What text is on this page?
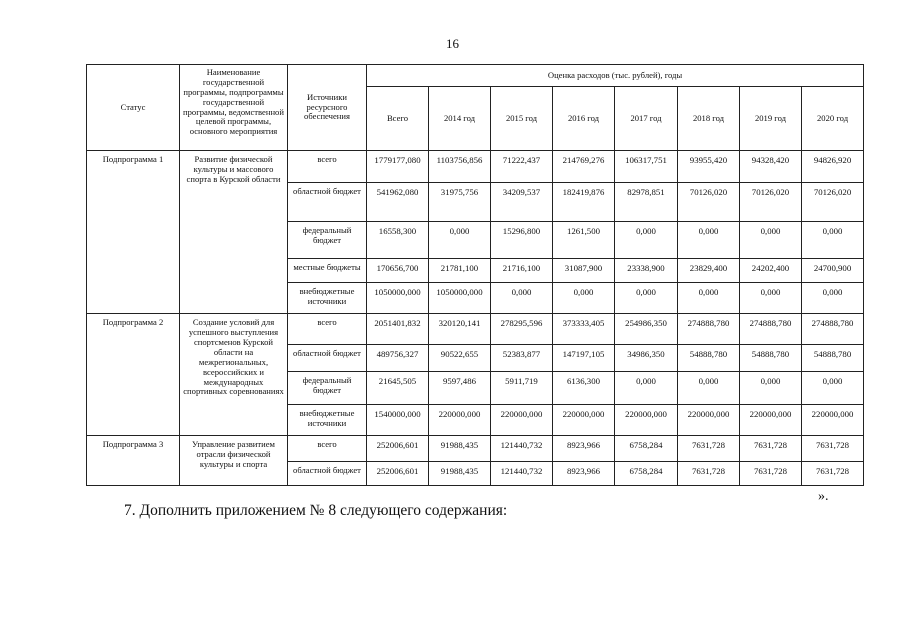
16
Статус	Наименование государственной программы, подпрограммы государственной программы, ведомственной целевой программы, основного мероприятия	Источники ресурсного обеспечения	Оценка расходов (тыс. рублей), годы							
			Всего	2014 год	2015 год	2016 год	2017 год	2018 год	2019 год	2020 год
Подпрограмма 1	Развитие физической культуры и массового спорта в Курской области	всего	1779177,080	1103756,856	71222,437	214769,276	106317,751	93955,420	94328,420	94826,920
		областной бюджет	541962,080	31975,756	34209,537	182419,876	82978,851	70126,020	70126,020	70126,020
		федеральный бюджет	16558,300	0,000	15296,800	1261,500	0,000	0,000	0,000	0,000
		местные бюджеты	170656,700	21781,100	21716,100	31087,900	23338,900	23829,400	24202,400	24700,900
		внебюджетные источники	1050000,000	1050000,000	0,000	0,000	0,000	0,000	0,000	0,000
Подпрограмма 2	Создание условий для успешного выступления спортсменов Курской области на межрегиональных, всероссийских и международных спортивных соревнованиях	всего	2051401,832	320120,141	278295,596	373333,405	254986,350	274888,780	274888,780	274888,780
		областной бюджет	489756,327	90522,655	52383,877	147197,105	34986,350	54888,780	54888,780	54888,780
		федеральный бюджет	21645,505	9597,486	5911,719	6136,300	0,000	0,000	0,000	0,000
		внебюджетные источники	1540000,000	220000,000	220000,000	220000,000	220000,000	220000,000	220000,000	220000,000
Подпрограмма 3	Управление развитием отрасли физической культуры и спорта	всего	252006,601	91988,435	121440,732	8923,966	6758,284	7631,728	7631,728	7631,728
		областной бюджет	252006,601	91988,435	121440,732	8923,966	6758,284	7631,728	7631,728	7631,728
».
7. Дополнить приложением № 8 следующего содержания:
